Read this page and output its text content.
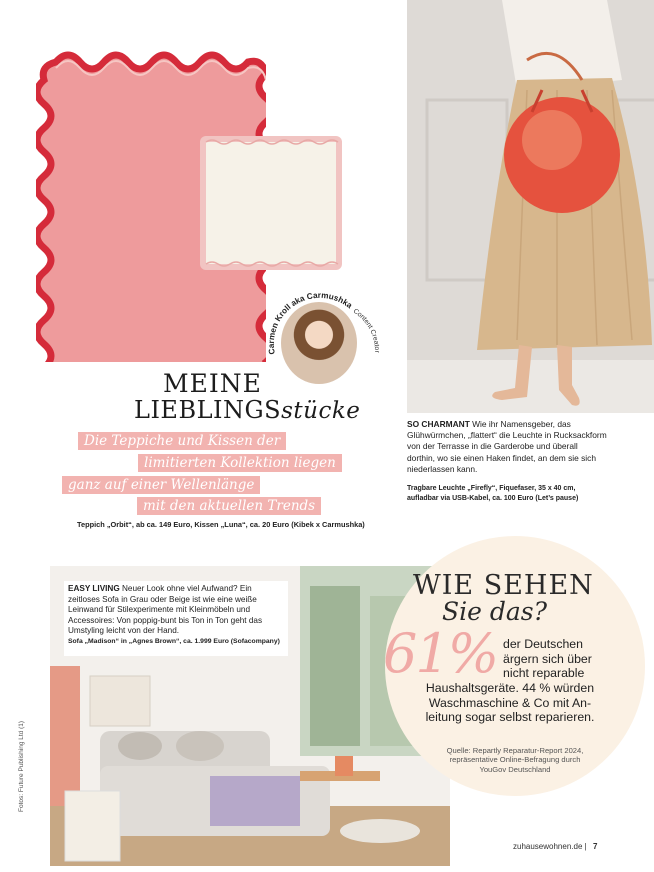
Carmen Kroll aka Carmushka
Content Creator
MEINE
LIEBLINGSstücke
Die Teppiche und Kissen der
limitierten Kollektion liegen
ganz auf einer Wellenlänge
mit den aktuellen Trends
Teppich „Orbit“, ab ca. 149 Euro, Kissen „Luna“, ca. 20 Euro (Kibek x Carmushka)
SO CHARMANT Wie ihr Namensgeber, das Glühwürmchen, „flattert“ die Leuchte in Rucksackform von der Terrasse in die Garderobe und überall dorthin, wo sie einen Haken findet, an dem sie sich niederlassen kann.
Tragbare Leuchte „Firefly“, Fiquefaser, 35 x 40 cm, aufladbar via USB-Kabel, ca. 100 Euro (Let’s pause)
EASY LIVING Neuer Look ohne viel Aufwand? Ein zeitloses Sofa in Grau oder Beige ist wie eine weiße Leinwand für Stilexperimente mit Kleinmöbeln und Accessoires: Von poppig-bunt bis Ton in Ton geht das Umstyling leicht von der Hand.
Sofa „Madison“ in „Agnes Brown“, ca. 1.999 Euro (Sofacompany)
WIE SEHEN
Sie das?
61% der Deutschen
ärgern sich über
nicht reparable
Haushaltsgeräte. 44 % würden
Waschmaschine & Co mit An-
leitung sogar selbst reparieren.
Quelle: Repartly Reparatur-Report 2024,
repräsentative Online-Befragung durch
YouGov Deutschland
Fotos: Future Publishing Ltd (1)
zuhausewohnen.de | 7
